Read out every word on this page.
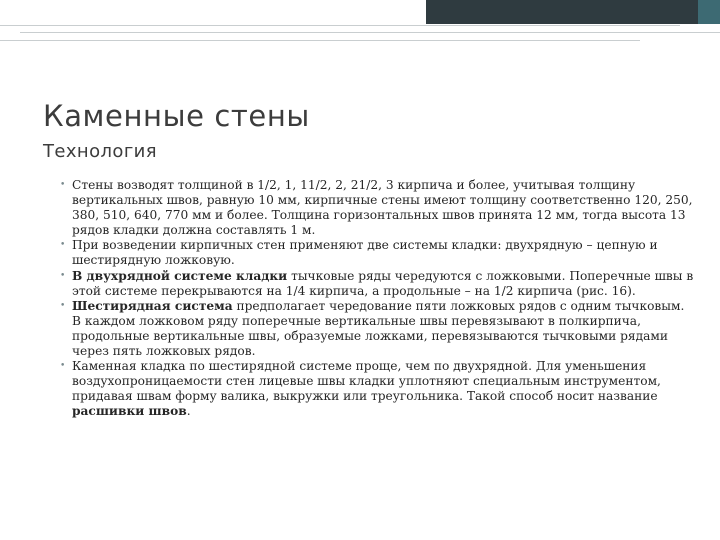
Каменные стены
Технология
• Стены возводят толщиной в 1/2, 1, 11/2, 2, 21/2, 3 кирпича и более, учитывая толщину вертикальных швов, равную 10 мм, кирпичные стены имеют толщину соответственно 120, 250, 380, 510, 640, 770 мм и более. Толщина горизонтальных швов принята 12 мм, тогда высота 13 рядов кладки должна составлять 1 м.
• При возведении кирпичных стен применяют две системы кладки: двухрядную – цепную и шестирядную ложковую.
• В двухрядной системе кладки тычковые ряды чередуются с ложковыми. Поперечные швы в этой системе перекрываются на 1/4 кирпича, а продольные – на 1/2 кирпича (рис. 16).
• Шестирядная система предполагает чередование пяти ложковых рядов с одним тычковым. В каждом ложковом ряду поперечные вертикальные швы перевязывают в полкирпича, продольные вертикальные швы, образуемые ложками, перевязываются тычковыми рядами через пять ложковых рядов.
• Каменная кладка по шестирядной системе проще, чем по двухрядной. Для уменьшения воздухопроницаемости стен лицевые швы кладки уплотняют специальным инструментом, придавая швам форму валика, выкружки или треугольника. Такой способ носит название расшивки швов.
